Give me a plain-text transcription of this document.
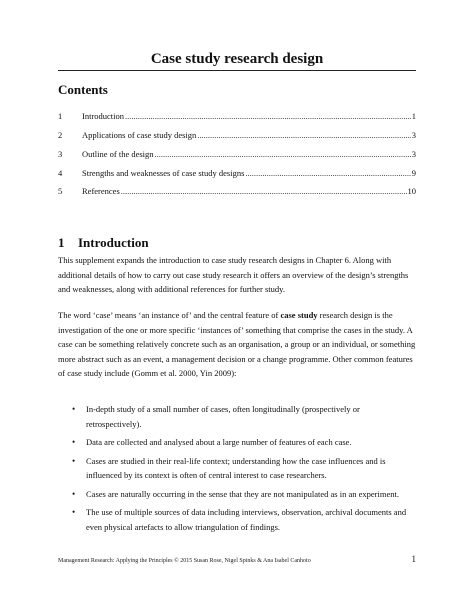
Case study research design
Contents
1	Introduction .....	1
2	Applications of case study design .....	3
3	Outline of the design .....	3
4	Strengths and weaknesses of case study designs .....	9
5	References .....	10
1 Introduction

This supplement expands the introduction to case study research designs in Chapter 6. Along with additional details of how to carry out case study research it offers an overview of the design’s strengths and weaknesses, along with additional references for further study.

The word ‘case’ means ‘an instance of’ and the central feature of case study research design is the investigation of the one or more specific ‘instances of’ something that comprise the cases in the study. A case can be something relatively concrete such as an organisation, a group or an individual, or something more abstract such as an event, a management decision or a change programme. Other common features of case study include (Gomm et al. 2000, Yin 2009):

• In-depth study of a small number of cases, often longitudinally (prospectively or retrospectively).
• Data are collected and analysed about a large number of features of each case.
• Cases are studied in their real-life context; understanding how the case influences and is influenced by its context is often of central interest to case researchers.
• Cases are naturally occurring in the sense that they are not manipulated as in an experiment.
• The use of multiple sources of data including interviews, observation, archival documents and even physical artefacts to allow triangulation of findings.
Management Research: Applying the Principles © 2015 Susan Rose, Nigel Spinks & Ana Isabel Canhoto	1
